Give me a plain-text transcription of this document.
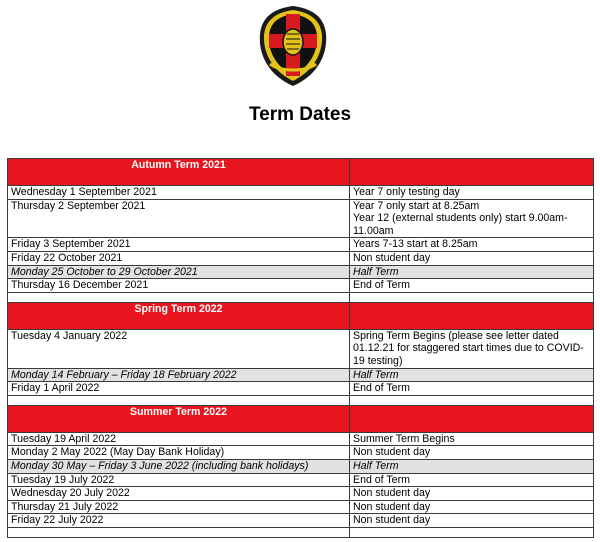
Term Dates
Autumn Term 2021	
Wednesday 1 September 2021	Year 7 only testing day
Thursday 2 September 2021	Year 7 only start at 8.25am
Year 12 (external students only) start 9.00am-11.00am
Friday 3 September 2021	Years 7-13 start at 8.25am
Friday 22 October 2021	Non student day
Monday 25 October to 29 October 2021	Half Term
Thursday 16 December 2021	End of Term

Spring Term 2022	
Tuesday 4 January 2022	Spring Term Begins (please see letter dated 01.12.21 for staggered start times due to COVID-19 testing)
Monday 14 February – Friday 18 February 2022	Half Term
Friday 1 April 2022	End of Term

Summer Term 2022	
Tuesday 19 April 2022	Summer Term Begins
Monday 2 May 2022 (May Day Bank Holiday)	Non student day
Monday 30 May – Friday 3 June 2022 (including bank holidays)	Half Term
Tuesday 19 July 2022	End of Term
Wednesday 20 July 2022	Non student day
Thursday 21 July 2022	Non student day
Friday 22 July 2022	Non student day
